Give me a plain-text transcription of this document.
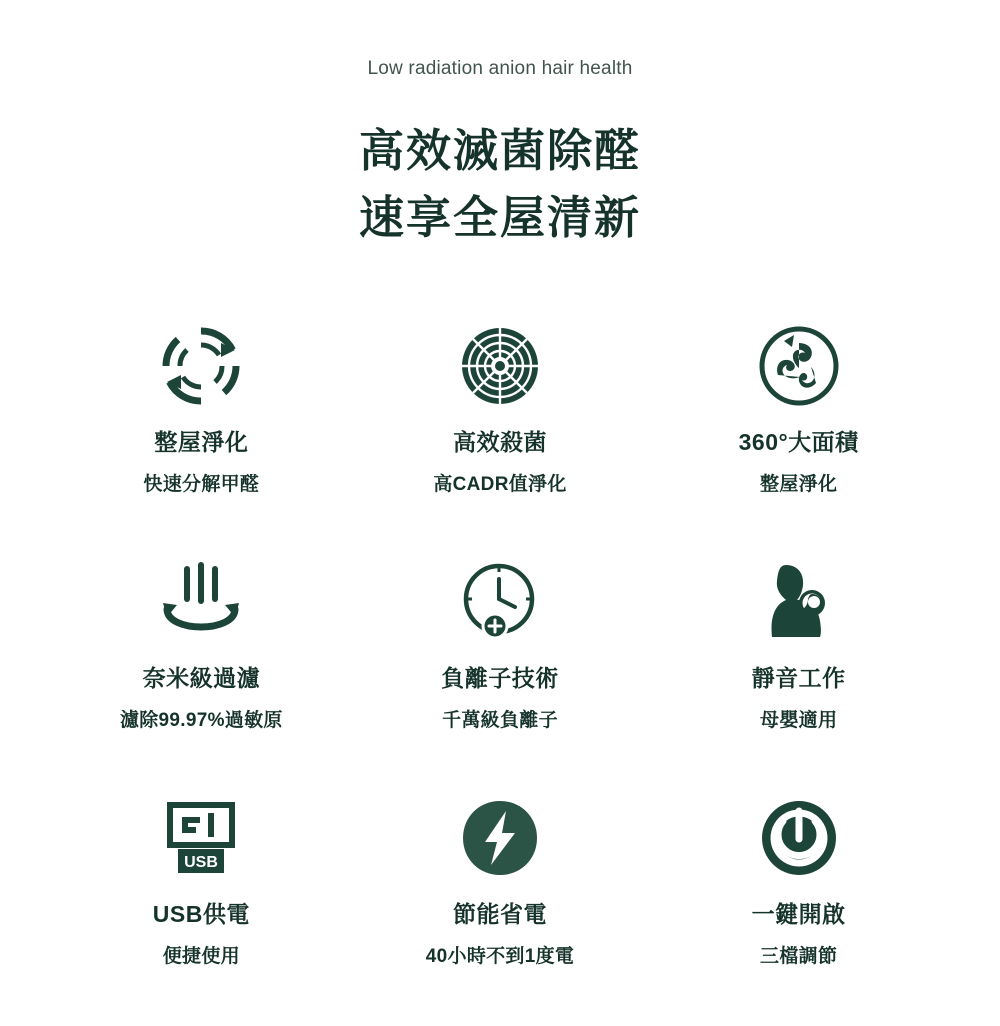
Low radiation anion hair health
高效滅菌除醛
速享全屋清新
整屋淨化
快速分解甲醛
高效殺菌
高CADR值淨化
360°大面積
整屋淨化
奈米級過濾
濾除99.97%過敏原
負離子技術
千萬級負離子
靜音工作
母嬰適用
USB
USB供電
便捷使用
節能省電
40小時不到1度電
一鍵開啟
三檔調節
